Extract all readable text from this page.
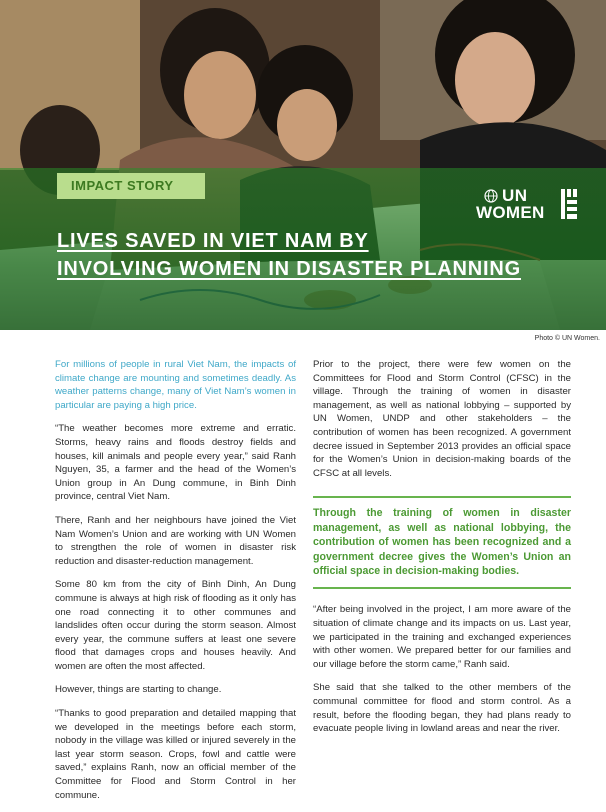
IMPACT STORY
UN
WOMEN
LIVES SAVED IN VIET NAM BY
INVOLVING WOMEN IN DISASTER PLANNING
Photo © UN Women.

For millions of people in rural Viet Nam, the impacts of climate change are mounting and sometimes deadly. As weather patterns change, many of Viet Nam’s women in particular are paying a high price.

“The weather becomes more extreme and erratic. Storms, heavy rains and floods destroy fields and houses, kill animals and people every year,” said Ranh Nguyen, 35, a farmer and the head of the Women’s Union group in An Dung commune, in Binh Dinh province, central Viet Nam.

There, Ranh and her neighbours have joined the Viet Nam Women’s Union and are working with UN Women to strengthen the role of women in disaster risk reduction and disaster-reduction management.

Some 80 km from the city of Binh Dinh, An Dung commune is always at high risk of flooding as it only has one road connecting it to other communes and landslides often occur during the storm season. Almost every year, the commune suffers at least one severe flood that damages crops and houses heavily. And women are often the most affected.

However, things are starting to change.

“Thanks to good preparation and detailed mapping that we developed in the meetings before each storm, nobody in the village was killed or injured severely in the last year storm season. Crops, fowl and cattle were saved,” explains Ranh, now an official member of the Committee for Flood and Storm Control in her commune.

Prior to the project, there were few women on the Committees for Flood and Storm Control (CFSC) in the village. Through the training of women in disaster management, as well as national lobbying – supported by UN Women, UNDP and other stakeholders – the contribution of women has been recognized. A government decree issued in September 2013 provides an official space for the Women’s Union in decision-making boards of the CFSC at all levels.

Through the training of women in disaster management, as well as national lobbying, the contribution of women has been recognized and a government decree gives the Women’s Union an official space in decision-making bodies.

“After being involved in the project, I am more aware of the situation of climate change and its impacts on us. Last year, we participated in the training and exchanged experiences with other women. We prepared better for our families and our village before the storm came,” Ranh said.

She said that she talked to the other members of the communal committee for flood and storm control. As a result, before the flooding began, they had plans ready to evacuate people living in lowland areas and near the river.
